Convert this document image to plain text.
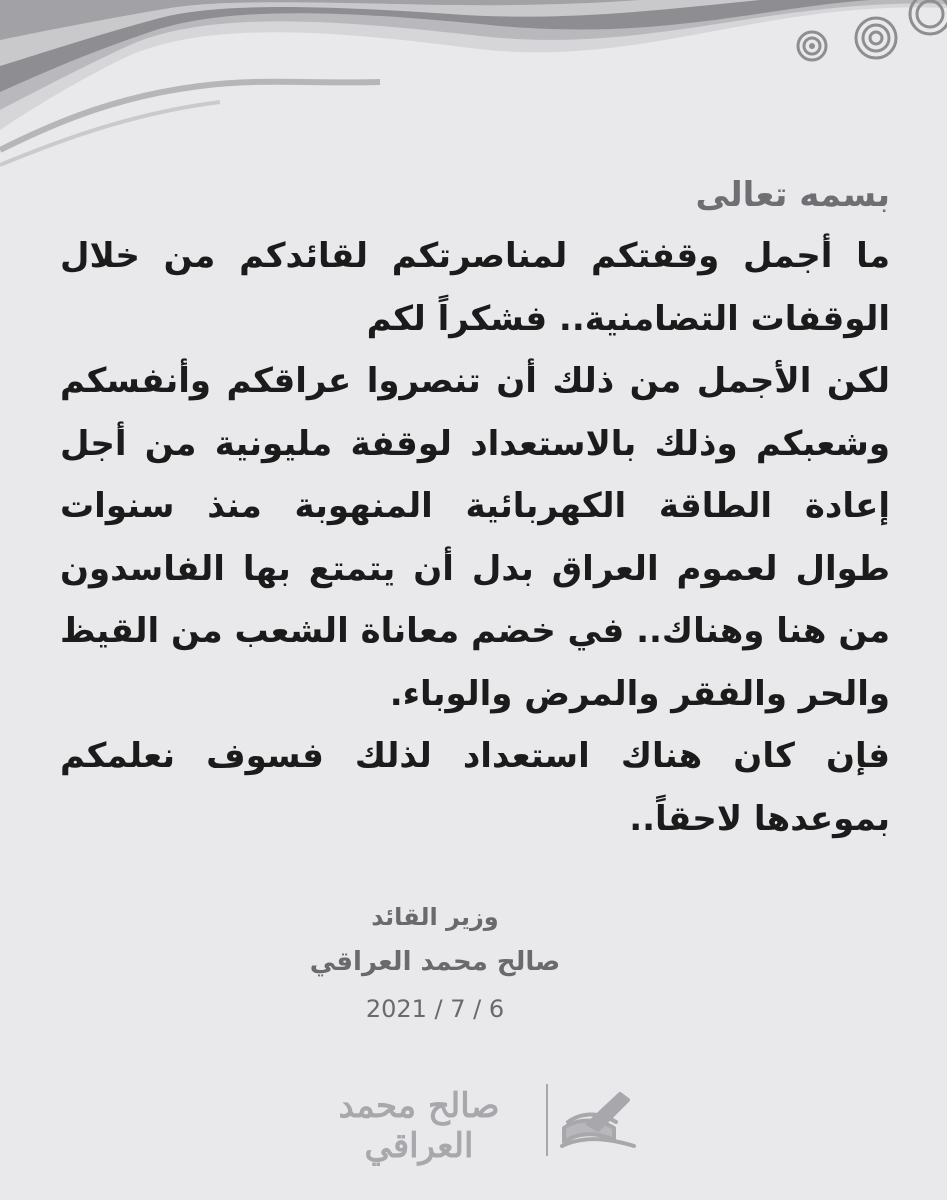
بسمه تعالى
ما أجمل وقفتكم لمناصرتكم لقائدكم من خلال
الوقفات التضامنية.. فشكراً لكم
لكن الأجمل من ذلك أن تنصروا عراقكم وأنفسكم
وشعبكم وذلك بالاستعداد لوقفة مليونية من أجل
إعادة الطاقة الكهربائية المنهوبة منذ سنوات
طوال لعموم العراق بدل أن يتمتع بها الفاسدون
من هنا وهناك.. في خضم معاناة الشعب من القيظ
والحر والفقر والمرض والوباء.
فإن كان هناك استعداد لذلك فسوف نعلمكم
بموعدها لاحقاً..
وزير القائد
صالح محمد العراقي
2021 / 7 / 6
صالح محمد العراقي
